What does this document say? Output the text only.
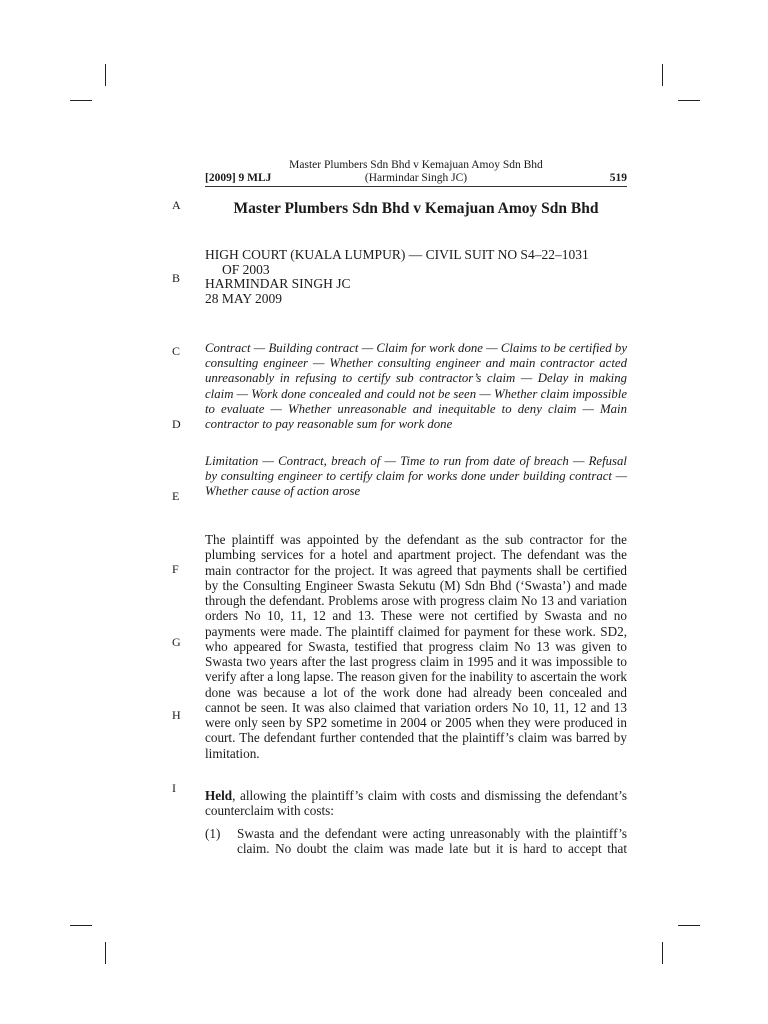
Master Plumbers Sdn Bhd v Kemajuan Amoy Sdn Bhd
[2009] 9 MLJ	(Harmindar Singh JC)	519
A
B
C
D
E
F
G
H
I
Master Plumbers Sdn Bhd v Kemajuan Amoy Sdn Bhd
HIGH COURT (KUALA LUMPUR) — CIVIL SUIT NO S4–22–1031
OF 2003
HARMINDAR SINGH JC
28 MAY 2009
Contract — Building contract — Claim for work done — Claims to be certified by consulting engineer — Whether consulting engineer and main contractor acted unreasonably in refusing to certify sub contractor’s claim — Delay in making claim — Work done concealed and could not be seen — Whether claim impossible to evaluate — Whether unreasonable and inequitable to deny claim — Main contractor to pay reasonable sum for work done
Limitation — Contract, breach of — Time to run from date of breach — Refusal by consulting engineer to certify claim for works done under building contract — Whether cause of action arose
The plaintiff was appointed by the defendant as the sub contractor for the plumbing services for a hotel and apartment project. The defendant was the main contractor for the project. It was agreed that payments shall be certified by the Consulting Engineer Swasta Sekutu (M) Sdn Bhd (‘Swasta’) and made through the defendant. Problems arose with progress claim No 13 and variation orders No 10, 11, 12 and 13. These were not certified by Swasta and no payments were made. The plaintiff claimed for payment for these work. SD2, who appeared for Swasta, testified that progress claim No 13 was given to Swasta two years after the last progress claim in 1995 and it was impossible to verify after a long lapse. The reason given for the inability to ascertain the work done was because a lot of the work done had already been concealed and cannot be seen. It was also claimed that variation orders No 10, 11, 12 and 13 were only seen by SP2 sometime in 2004 or 2005 when they were produced in court. The defendant further contended that the plaintiff’s claim was barred by limitation.
Held, allowing the plaintiff’s claim with costs and dismissing the defendant’s counterclaim with costs:
(1) Swasta and the defendant were acting unreasonably with the plaintiff’s claim. No doubt the claim was made late but it is hard to accept that
